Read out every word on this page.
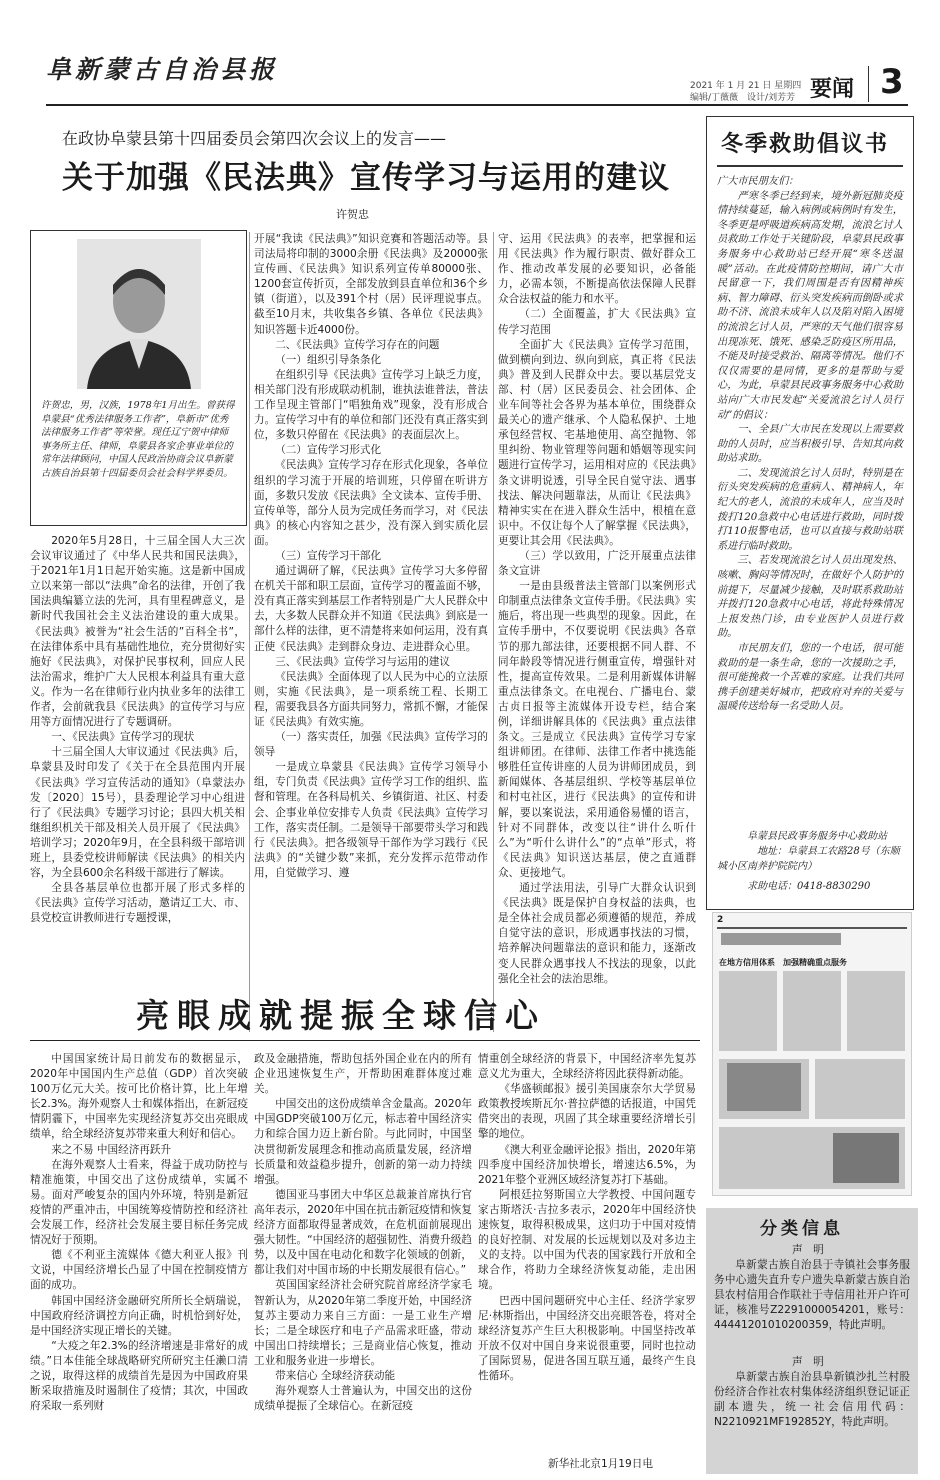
阜新蒙古自治县报
2021 年 1 月 21 日 星期四
编辑/丁薇薇　设计/刘芳芳 要闻 3
在政协阜蒙县第十四届委员会第四次会议上的发言——
关于加强《民法典》宣传学习与运用的建议
许贺忠
许贺忠，男，汉族，1978年1月出生。曾获得阜蒙县“优秀法律服务工作者”，阜新市“优秀法律服务工作者”等荣誉。现任辽宁贺中律师事务所主任、律师，阜蒙县各家企事业单位的常年法律顾问，中国人民政治协商会议阜新蒙古族自治县第十四届委员会社会科学界委员。

2020年5月28日，十三届全国人大三次会议审议通过了《中华人民共和国民法典》，于2021年1月1日起开始实施。这是新中国成立以来第一部以“法典”命名的法律，开创了我国法典编纂立法的先河，具有里程碑意义，是新时代我国社会主义法治建设的重大成果。《民法典》被誉为“社会生活的”百科全书”，在法律体系中具有基础性地位，充分贯彻好实施好《民法典》，对保护民事权利，回应人民法治需求，维护广大人民根本利益具有重大意义。作为一名在律师行业内执业多年的法律工作者，会前就我县《民法典》的宣传学习与应用等方面情况进行了专题调研。

一、《民法典》宣传学习的现状

十三届全国人大审议通过《民法典》后，阜蒙县及时印发了《关于在全县范围内开展《民法典》学习宣传活动的通知》（阜蒙法办发〔2020〕15号），县委理论学习中心组进行了《民法典》专题学习讨论；县四大机关相继组织机关干部及相关人员开展了《民法典》培训学习；2020年9月，在全县科级干部培训班上，县委党校讲师解读《民法典》的相关内容，为全县600余名科级干部进行了解读。

全县各基层单位也都开展了形式多样的《民法典》宣传学习活动，邀请辽工大、市、县党校宣讲教师进行专题授课，

开展“我读《民法典》”知识竞赛和答题活动等。县司法局将印制的3000余册《民法典》及20000张宣传画、《民法典》知识系列宣传单80000张、1200套宣传折页，全部发放到县直单位和36个乡镇（街道），以及391个村（居）民评理说事点。截至10月末，共收集各乡镇、各单位《民法典》知识答题卡近4000份。

二、《民法典》宣传学习存在的问题

（一）组织引导条条化

在组织引导《民法典》宣传学习上缺乏力度，相关部门没有形成联动机制，谁执法谁普法，普法工作呈现主管部门“唱独角戏”现象，没有形成合力。宣传学习中有的单位和部门还没有真正落实到位，多数只停留在《民法典》的表面层次上。

（二）宣传学习形式化

《民法典》宣传学习存在形式化现象，各单位组织的学习流于开展的培训班，只停留在听讲方面，多数只发放《民法典》全文读本、宣传手册、宣传单等，部分人员为完成任务而学习，对《民法典》的核心内容知之甚少，没有深入到实质化层面。

（三）宣传学习干部化

通过调研了解，《民法典》宣传学习大多停留在机关干部和职工层面，宣传学习的覆盖面不够，没有真正落实到基层工作者特别是广大人民群众中去，大多数人民群众并不知道《民法典》到底是一部什么样的法律，更不清楚将来如何运用，没有真正使《民法典》走到群众身边、走进群众心里。

三、《民法典》宣传学习与运用的建议

《民法典》全面体现了以人民为中心的立法原则，实施《民法典》，是一项系统工程、长期工程，需要我县各方面共同努力，常抓不懈，才能保证《民法典》有效实施。

（一）落实责任，加强《民法典》宣传学习的领导

一是成立阜蒙县《民法典》宣传学习领导小组，专门负责《民法典》宣传学习工作的组织、监督和管理。在各科局机关、乡镇街道、社区、村委会、企事业单位安排专人负责《民法典》宣传学习工作，落实责任制。二是领导干部要带头学习和践行《民法典》。把各级领导干部作为学习践行《民法典》的“关键少数”来抓，充分发挥示范带动作用，自觉做学习、遵

守、运用《民法典》的表率，把掌握和运用《民法典》作为履行职责、做好群众工作、推动改革发展的必要知识，必备能力，必需本领，不断提高依法保障人民群众合法权益的能力和水平。

（二）全面覆盖，扩大《民法典》宣传学习范围

全面扩大《民法典》宣传学习范围，做到横向到边、纵向到底，真正将《民法典》普及到人民群众中去。要以基层党支部、村（居）区民委员会、社会团体、企业车间等社会各界为基本单位，围绕群众最关心的遗产继承、个人隐私保护、土地承包经营权、宅基地使用、高空抛物、邻里纠纷、物业管理等问题和婚姻等现实问题进行宣传学习，运用相对应的《民法典》条文讲明说透，引导全民自觉守法、遇事找法、解决问题靠法，从而让《民法典》精神实实在在进入群众生活中，根植在意识中。不仅让每个人了解掌握《民法典》，更要让其会用《民法典》。

（三）学以致用，广泛开展重点法律条文宣讲

一是由县级普法主管部门以案例形式印制重点法律条文宣传手册。《民法典》实施后，将出现一些典型的现象。因此，在宣传手册中，不仅要说明《民法典》各章节的那九部法律，还要根据不同人群、不同年龄段等情况进行侧重宣传，增强针对性，提高宣传效果。二是利用新媒体讲解重点法律条文。在电视台、广播电台、蒙古贞日报等主流媒体开设专栏，结合案例，详细讲解具体的《民法典》重点法律条文。三是成立《民法典》宣传学习专家组讲师团。在律师、法律工作者中挑选能够胜任宣传讲座的人员为讲师团成员，到新闻媒体、各基层组织、学校等基层单位和村屯社区，进行《民法典》的宣传和讲解，要以案说法，采用通俗易懂的语言，针对不同群体，改变以往“讲什么听什么”为“听什么讲什么”的“点单”形式，将《民法典》知识送达基层，使之直通群众、更接地气。

通过学法用法，引导广大群众认识到《民法典》既是保护自身权益的法典，也是全体社会成员都必须遵循的规范，养成自觉守法的意识，形成遇事找法的习惯，培养解决问题靠法的意识和能力，逐渐改变人民群众遇事找人不找法的现象，以此强化全社会的法治思维。

冬季救助倡议书

广大市民朋友们：

严寒冬季已经到来，境外新冠肺炎疫情持续蔓延，输入病例或病例时有发生，冬季更是呼吸道疾病高发期，流浪乞讨人员救助工作处于关键阶段，阜蒙县民政事务服务中心救助站已经开展“寒冬送温暖”活动。在此疫情防控期间，请广大市民留意一下，我们周围是否有因精神疾病、智力障碍、衍头突发疾病而倒卧或求助不济、流浪未成年人以及陷对陷入困境的流浪乞讨人员，严寒的天气他们很容易出现冻死、饿死、感染乏防疫区所用品，不能及时接受救治、隔离等情况。他们不仅仅需要的是同情，更多的是帮助与爱心，为此，阜蒙县民政事务服务中心救助站向广大市民发起“关爱流浪乞讨人员行动”的倡议：

一、全县广大市民在发现以上需要救助的人员时，应当积极引导、告知其向救助站求助。

二、发现流浪乞讨人员时，特别是在衍头突发疾病的危重病人、精神病人，年纪大的老人，流浪的未成年人，应当及时拨打120急救中心电话进行救助，同时拨打110报警电话，也可以直接与救助站联系进行临时救助。

三、若发现流浪乞讨人员出现发热、咳嗽、胸闷等情况时，在做好个人防护的前提下，尽量减少接触，及时联系救助站并拨打120急救中心电话，将此特殊情况上报发热门诊，由专业医护人员进行救助。

市民朋友们，您的一个电话，很可能救助的是一条生命，您的一次援助之手，很可能挽救一个苦难的家庭。让我们共同携手创建美好城市，把政府对弃的关爱与温暖传送给每一名受助人员。

阜蒙县民政事务服务中心救助站
地址：阜蒙县工农路28号（东顺城小区南养护院院内）
求助电话：0418-8830290
2
在地方信用体系　加强精确重点服务
亮眼成就提振全球信心

中国国家统计局日前发布的数据显示，2020年中国国内生产总值（GDP）首次突破100万亿元大关。按可比价格计算，比上年增长2.3%。海外观察人士和媒体指出，在新冠疫情阴霾下，中国率先实现经济复苏交出亮眼成绩单，给全球经济复苏带来重大利好和信心。

来之不易 中国经济再跃升

在海外观察人士看来，得益于成功防控与精准施策，中国交出了这份成绩单，实属不易。面对严峻复杂的国内外环境，特别是新冠疫情的严重冲击，中国统筹疫情防控和经济社会发展工作，经济社会发展主要目标任务完成情况好于预期。

德《不利亚主流媒体《德大利亚人报》刊文说，中国经济增长凸显了中国在控制疫情方面的成功。

韩国中国经济金融研究所所长全炳瑞说，中国政府经济调控方向正确，时机恰到好处，是中国经济实现正增长的关键。

“大疫之年2.3%的经济增速是非常好的成绩。”日本佳能全球战略研究所研究主任濑口清之说，取得这样的成绩首先是因为中国政府果断采取措施及时遏制住了疫情；其次，中国政府采取一系列财

政及金融措施，帮助包括外国企业在内的所有企业迅速恢复生产，开帮助困难群体度过难关。

中国交出的这份成绩单含金量高。2020年中国GDP突破100万亿元，标志着中国经济实力和综合国力迈上新台阶。与此同时，中国坚决贯彻新发展理念和推动高质量发展，经济增长质量和效益稳步提升，创新的第一动力持续增强。

德国亚马事团大中华区总裁兼首席执行官高年表示，2020年中国在抗击新冠疫情和恢复经济方面都取得显著成效，在危机面前展现出强大韧性。“中国经济的超强韧性、消费升级趋势，以及中国在电动化和数字化领域的创新，都让我们对中国市场的中长期发展很有信心。”

英国国家经济社会研究院首席经济学家毛智新认为，从2020年第二季度开始，中国经济复苏主要动力来自三方面：一是工业生产增长；二是全球医疗和电子产品需求旺盛，带动中国出口持续增长；三是商业信心恢复，推动工业和服务业进一步增长。

带来信心 全球经济获动能

海外观察人士普遍认为，中国交出的这份成绩单提振了全球信心。在新冠疫

情重创全球经济的背景下，中国经济率先复苏意义尤为重大，全球经济将因此获得新动能。

《华盛顿邮报》援引美国康奈尔大学贸易政策教授埃斯瓦尔·普拉萨德的话报道，中国凭借突出的表现，巩固了其全球重要经济增长引擎的地位。

《澳大利亚金融评论报》指出，2020年第四季度中国经济加快增长，增速达6.5%，为2021年整个亚洲区域经济复苏打下基础。

阿根廷拉努斯国立大学教授、中国问题专家古斯塔沃·吉拉多表示，2020年中国经济快速恢复，取得积极成果，这归功于中国对疫情的良好控制、对发展的长远规划以及对多边主义的支持。以中国为代表的国家践行开放和全球合作，将助力全球经济恢复动能，走出困境。

巴西中国问题研究中心主任、经济学家罗尼·林斯指出，中国经济交出亮眼答卷，将对全球经济复苏产生巨大积极影响。中国坚持改革开放不仅对中国自身来说很重要，同时也拉动了国际贸易，促进各国互联互通，最终产生良性循环。

新华社北京1月19日电
分类信息
声　明
阜新蒙古族自治县于寺镇社会事务服务中心遗失直升专户遗失阜新蒙古族自治县农村信用合作联社于寺信用社开户许可证，核准号Z2291000054201，账号：44441201010200359，特此声明。
声　明
阜新蒙古族自治县阜新镇沙扎兰村股份经济合作社农村集体经济组织登记证正副本遗失，统一社会信用代码：N2210921MF192852Y，特此声明。
